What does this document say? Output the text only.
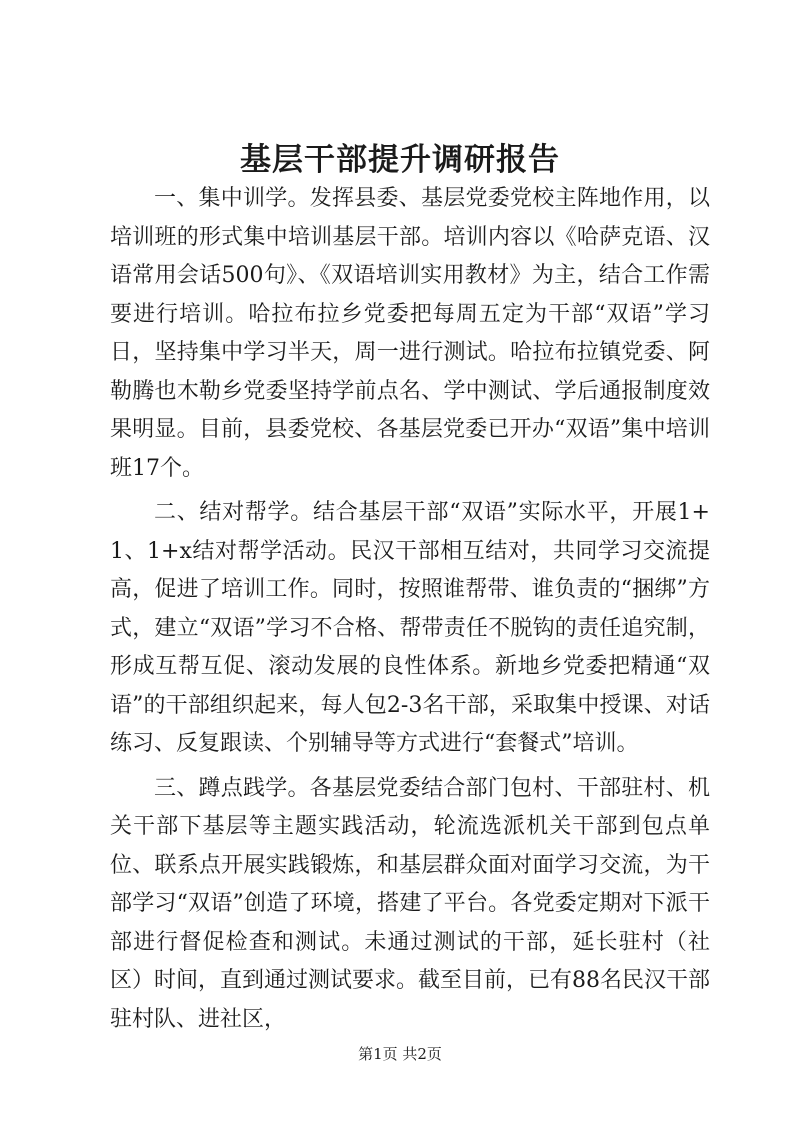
基层干部提升调研报告

一、集中训学。发挥县委、基层党委党校主阵地作用，以培训班的形式集中培训基层干部。培训内容以《哈萨克语、汉语常用会话500句》、《双语培训实用教材》为主，结合工作需要进行培训。哈拉布拉乡党委把每周五定为干部“双语”学习日，坚持集中学习半天，周一进行测试。哈拉布拉镇党委、阿勒腾也木勒乡党委坚持学前点名、学中测试、学后通报制度效果明显。目前，县委党校、各基层党委已开办“双语”集中培训班17个。

二、结对帮学。结合基层干部“双语”实际水平，开展1+1、1+x结对帮学活动。民汉干部相互结对，共同学习交流提高，促进了培训工作。同时，按照谁帮带、谁负责的“捆绑”方式，建立“双语”学习不合格、帮带责任不脱钩的责任追究制，形成互帮互促、滚动发展的良性体系。新地乡党委把精通“双语”的干部组织起来，每人包2-3名干部，采取集中授课、对话练习、反复跟读、个别辅导等方式进行“套餐式”培训。

三、蹲点践学。各基层党委结合部门包村、干部驻村、机关干部下基层等主题实践活动，轮流选派机关干部到包点单位、联系点开展实践锻炼，和基层群众面对面学习交流，为干部学习“双语”创造了环境，搭建了平台。各党委定期对下派干部进行督促检查和测试。未通过测试的干部，延长驻村（社区）时间，直到通过测试要求。截至目前，已有88名民汉干部驻村队、进社区，

第1页 共2页
